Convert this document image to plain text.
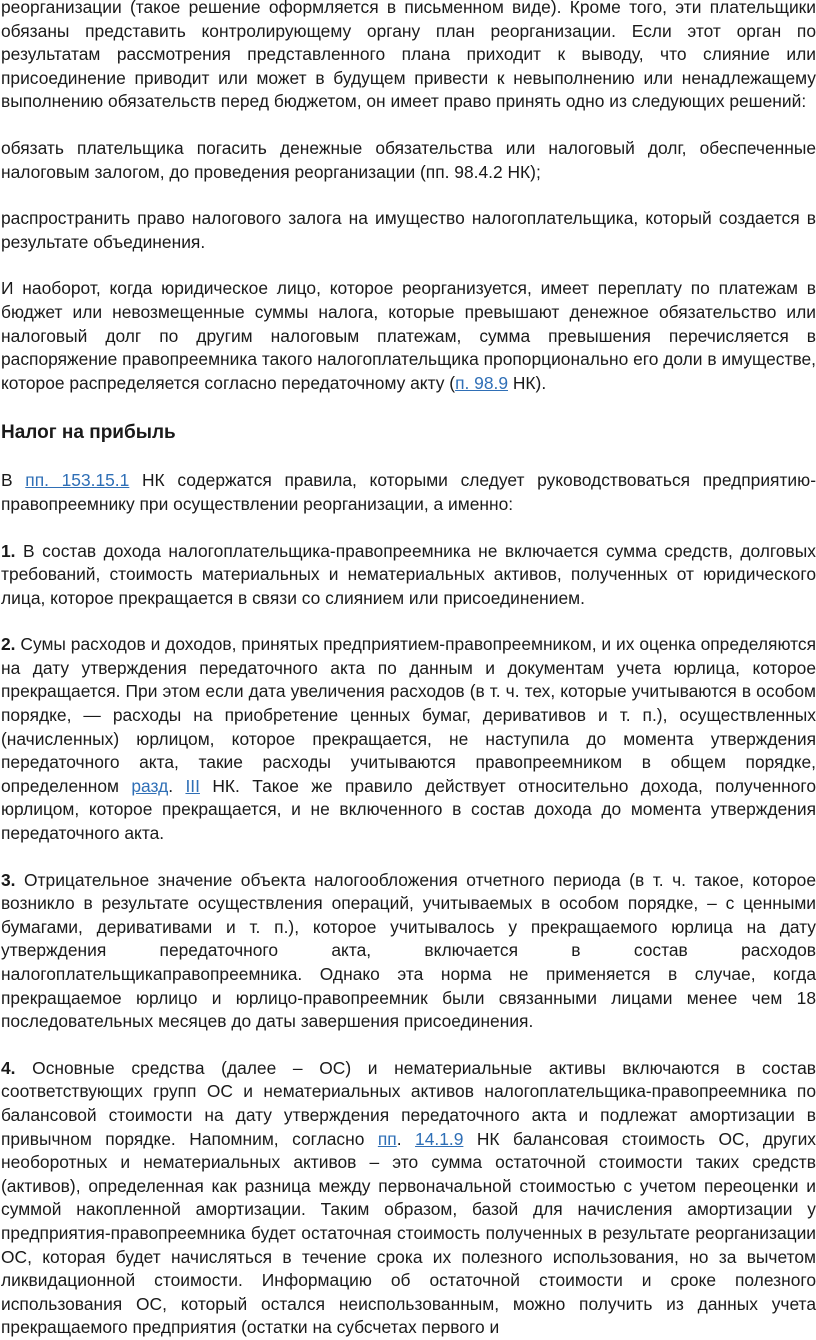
реорганизации (такое решение оформляется в письменном виде). Кроме того, эти плательщики обязаны представить контролирующему органу план реорганизации. Если этот орган по результатам рассмотрения представленного плана приходит к выводу, что слияние или присоединение приводит или может в будущем привести к невыполнению или ненадлежащему выполнению обязательств перед бюджетом, он имеет право принять одно из следующих решений:

обязать плательщика погасить денежные обязательства или налоговый долг, обеспеченные налоговым залогом, до проведения реорганизации (пп. 98.4.2 НК);

распространить право налогового залога на имущество налогоплательщика, который создается в результате объединения.

И наоборот, когда юридическое лицо, которое реорганизуется, имеет переплату по платежам в бюджет или невозмещенные суммы налога, которые превышают денежное обязательство или налоговый долг по другим налоговым платежам, сумма превышения перечисляется в распоряжение правопреемника такого налогоплательщика пропорционально его доли в имуществе, которое распределяется согласно передаточному акту (п. 98.9 НК).

Налог на прибыль

В пп. 153.15.1 НК содержатся правила, которыми следует руководствоваться предприятию-правопреемнику при осуществлении реорганизации, а именно:

1. В состав дохода налогоплательщика-правопреемника не включается сумма средств, долговых требований, стоимость материальных и нематериальных активов, полученных от юридического лица, которое прекращается в связи со слиянием или присоединением.

2. Сумы расходов и доходов, принятых предприятием-правопреемником, и их оценка определяются на дату утверждения передаточного акта по данным и документам учета юрлица, которое прекращается. При этом если дата увеличения расходов (в т. ч. тех, которые учитываются в особом порядке, — расходы на приобретение ценных бумаг, деривативов и т. п.), осуществленных (начисленных) юрлицом, которое прекращается, не наступила до момента утверждения передаточного акта, такие расходы учитываются правопреемником в общем порядке, определенном разд. III НК. Такое же правило действует относительно дохода, полученного юрлицом, которое прекращается, и не включенного в состав дохода до момента утверждения передаточного акта.

3. Отрицательное значение объекта налогообложения отчетного периода (в т. ч. такое, которое возникло в результате осуществления операций, учитываемых в особом порядке, – с ценными бумагами, деривативами и т. п.), которое учитывалось у прекращаемого юрлица на дату утверждения передаточного акта, включается в состав расходов налогоплательщикаправопреемника. Однако эта норма не применяется в случае, когда прекращаемое юрлицо и юрлицо-правопреемник были связанными лицами менее чем 18 последовательных месяцев до даты завершения присоединения.

4. Основные средства (далее – ОС) и нематериальные активы включаются в состав соответствующих групп ОС и нематериальных активов налогоплательщика-правопреемника по балансовой стоимости на дату утверждения передаточного акта и подлежат амортизации в привычном порядке. Напомним, согласно пп. 14.1.9 НК балансовая стоимость ОС, других необоротных и нематериальных активов – это сумма остаточной стоимости таких средств (активов), определенная как разница между первоначальной стоимостью с учетом переоценки и суммой накопленной амортизации. Таким образом, базой для начисления амортизации у предприятия-правопреемника будет остаточная стоимость полученных в результате реорганизации ОС, которая будет начисляться в течение срока их полезного использования, но за вычетом ликвидационной стоимости. Информацию об остаточной стоимости и сроке полезного использования ОС, который остался неиспользованным, можно получить из данных учета прекращаемого предприятия (остатки на субсчетах первого и
